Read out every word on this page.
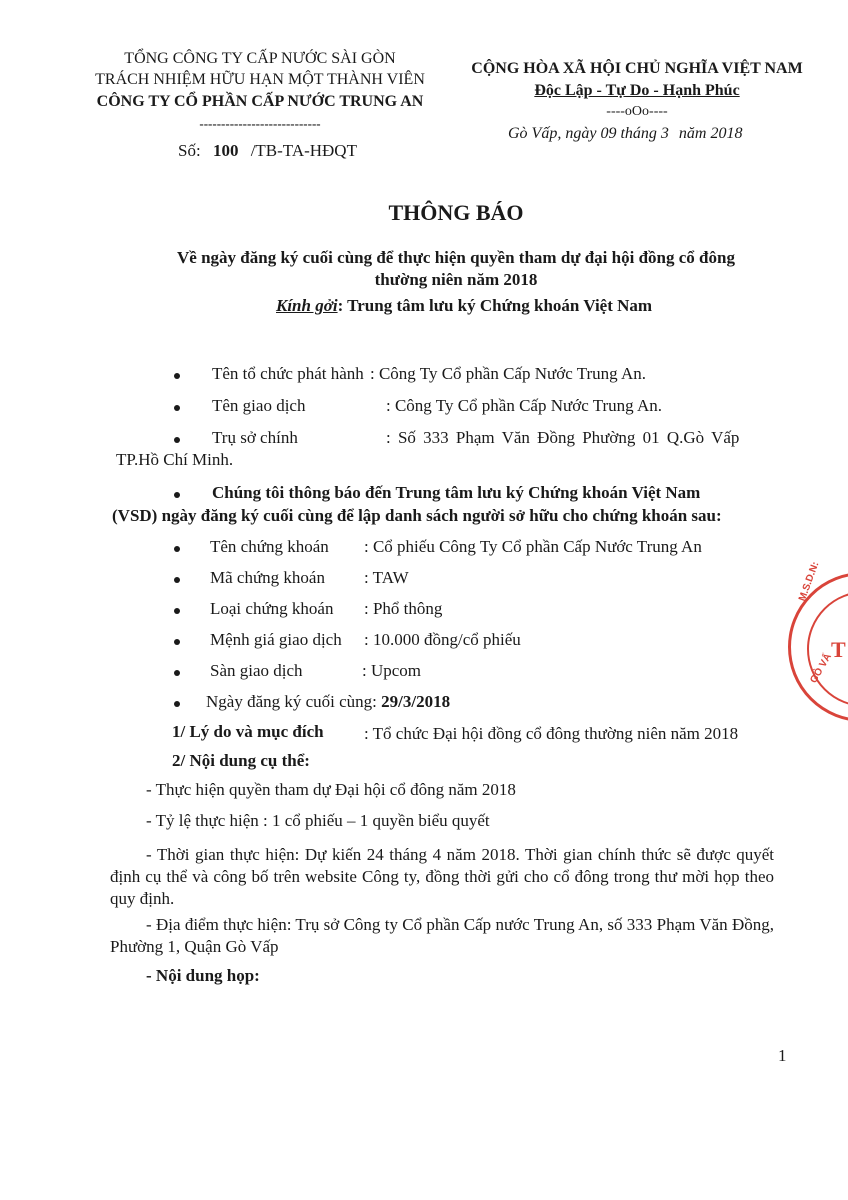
TỔNG CÔNG TY CẤP NƯỚC SÀI GÒN
TRÁCH NHIỆM HỮU HẠN MỘT THÀNH VIÊN
CÔNG TY CỔ PHẦN CẤP NƯỚC TRUNG AN
----------------------------
Số: 100 /TB-TA-HĐQT
CỘNG HÒA XÃ HỘI CHỦ NGHĨA VIỆT NAM
Độc Lập - Tự Do - Hạnh Phúc
----oOo----
Gò Vấp, ngày 09 tháng 3 năm 2018
THÔNG BÁO
Về ngày đăng ký cuối cùng để thực hiện quyền tham dự đại hội đồng cổ đông
thường niên năm 2018
Kính gởi: Trung tâm lưu ký Chứng khoán Việt Nam
Tên tổ chức phát hành : Công Ty Cổ phần Cấp Nước Trung An.
Tên giao dịch	: Công Ty Cổ phần Cấp Nước Trung An.
Trụ sở chính	: Số 333 Phạm Văn Đồng Phường 01 Q.Gò Vấp
TP.Hồ Chí Minh.
Chúng tôi thông báo đến Trung tâm lưu ký Chứng khoán Việt Nam
(VSD) ngày đăng ký cuối cùng để lập danh sách người sở hữu cho chứng khoán sau:
Tên chứng khoán : Cổ phiếu Công Ty Cổ phần Cấp Nước Trung An
Mã chứng khoán : TAW
Loại chứng khoán : Phổ thông
Mệnh giá giao dịch : 10.000 đồng/cổ phiếu
Sàn giao dịch	: Upcom
Ngày đăng ký cuối cùng: 29/3/2018
1/ Lý do và mục đích : Tổ chức Đại hội đồng cổ đông thường niên năm 2018
2/ Nội dung cụ thể:
- Thực hiện quyền tham dự Đại hội cổ đông năm 2018
- Tỷ lệ thực hiện : 1 cổ phiếu – 1 quyền biểu quyết
- Thời gian thực hiện: Dự kiến 24 tháng 4 năm 2018. Thời gian chính thức sẽ được quyết định cụ thể và công bố trên website Công ty, đồng thời gửi cho cổ đông trong thư mời họp theo quy định.
- Địa điểm thực hiện: Trụ sở Công ty Cổ phần Cấp nước Trung An, số 333 Phạm Văn Đồng, Phường 1, Quận Gò Vấp
- Nội dung họp:
1
M.S.D.N:
GÒ VẤ
T
